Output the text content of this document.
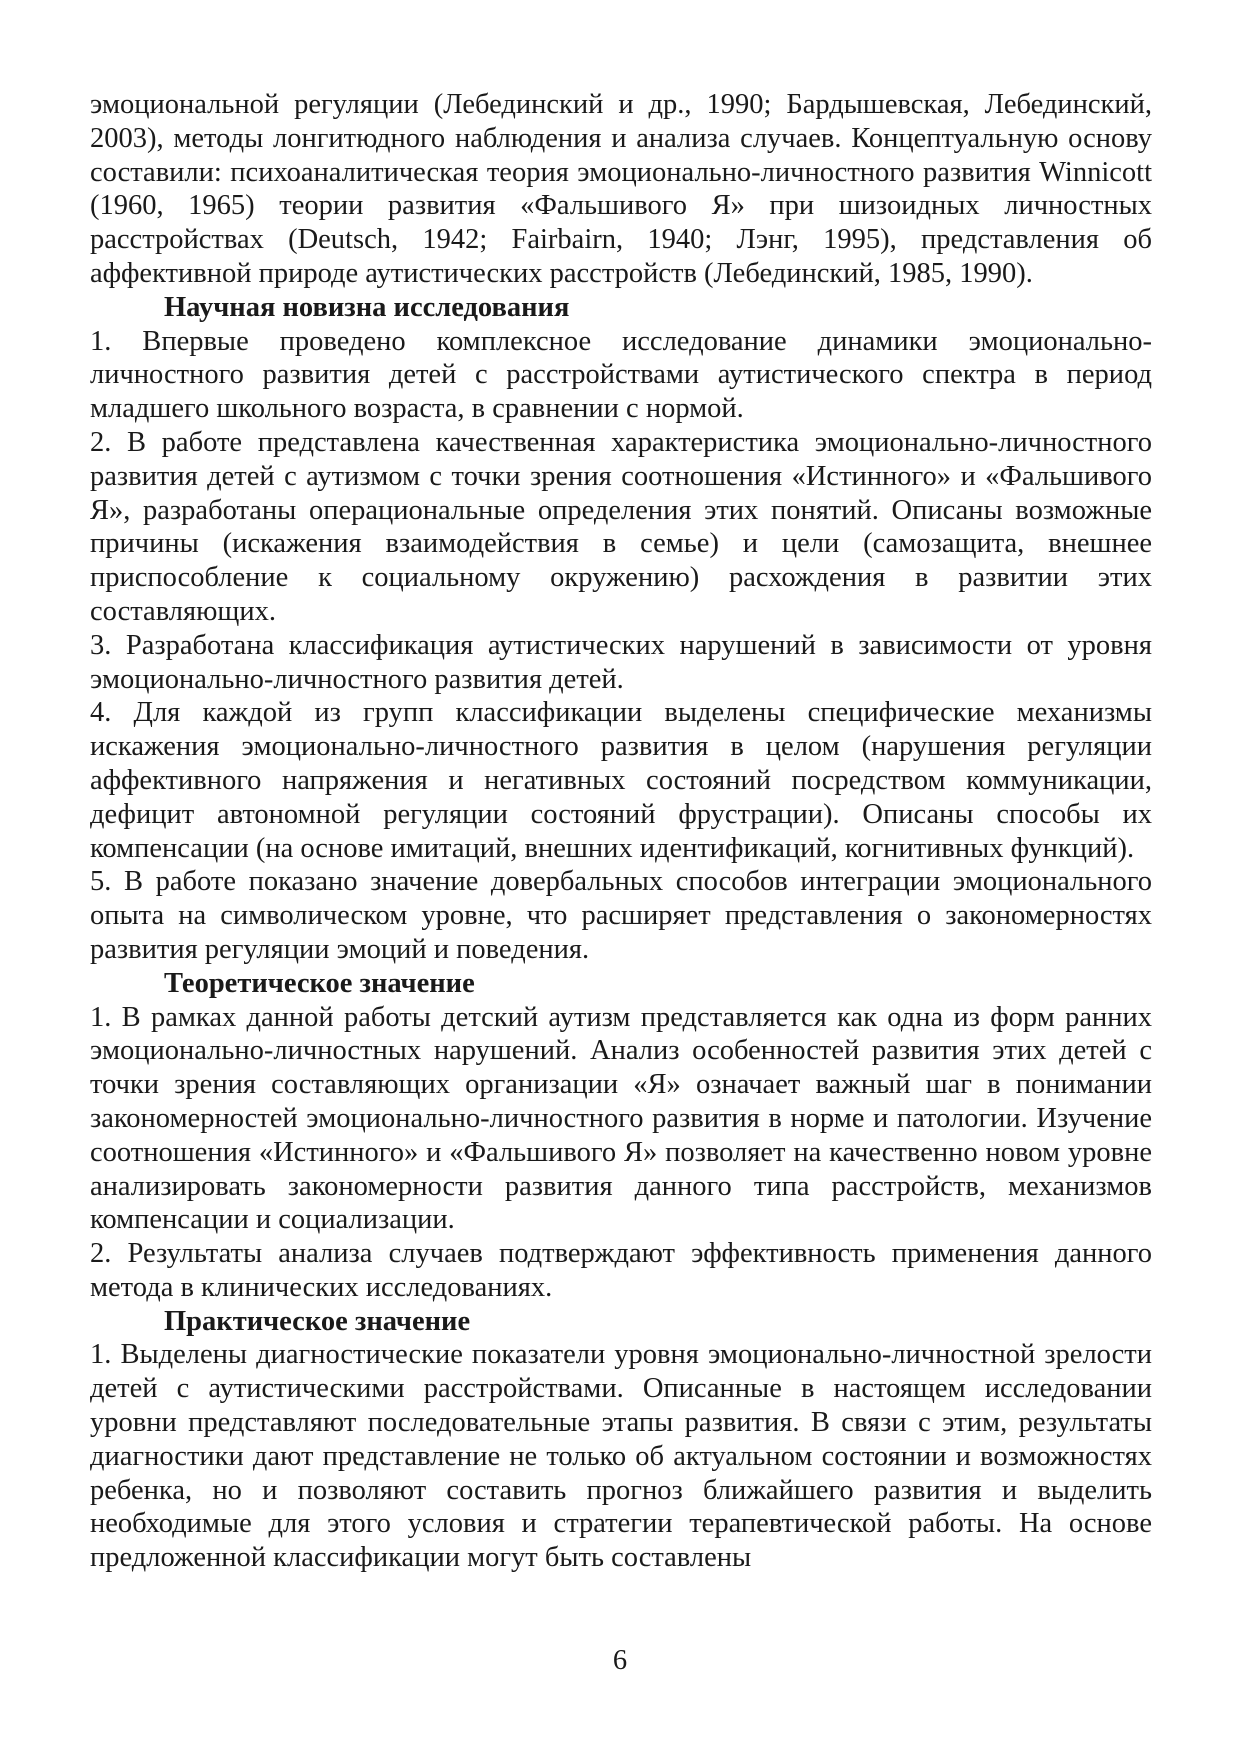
эмоциональной регуляции (Лебединский и др., 1990; Бардышевская, Лебединский, 2003), методы лонгитюдного наблюдения и анализа случаев. Концептуальную основу составили: психоаналитическая теория эмоционально-личностного развития Winnicott (1960, 1965) теории развития «Фальшивого Я» при шизоидных личностных расстройствах (Deutsch, 1942; Fairbairn, 1940; Лэнг, 1995), представления об аффективной природе аутистических расстройств (Лебединский, 1985, 1990).

Научная новизна исследования

1. Впервые проведено комплексное исследование динамики эмоционально-личностного развития детей с расстройствами аутистического спектра в период младшего школьного возраста, в сравнении с нормой.

2. В работе представлена качественная характеристика эмоционально-личностного развития детей с аутизмом с точки зрения соотношения «Истинного» и «Фальшивого Я», разработаны операциональные определения этих понятий. Описаны возможные причины (искажения взаимодействия в семье) и цели (самозащита, внешнее приспособление к социальному окружению) расхождения в развитии этих составляющих.

3. Разработана классификация аутистических нарушений в зависимости от уровня эмоционально-личностного развития детей.

4. Для каждой из групп классификации выделены специфические механизмы искажения эмоционально-личностного развития в целом (нарушения регуляции аффективного напряжения и негативных состояний посредством коммуникации, дефицит автономной регуляции состояний фрустрации). Описаны способы их компенсации (на основе имитаций, внешних идентификаций, когнитивных функций).

5. В работе показано значение довербальных способов интеграции эмоционального опыта на символическом уровне, что расширяет представления о закономерностях развития регуляции эмоций и поведения.

Теоретическое значение

1. В рамках данной работы детский аутизм представляется как одна из форм ранних эмоционально-личностных нарушений. Анализ особенностей развития этих детей с точки зрения составляющих организации «Я» означает важный шаг в понимании закономерностей эмоционально-личностного развития в норме и патологии. Изучение соотношения «Истинного» и «Фальшивого Я» позволяет на качественно новом уровне анализировать закономерности развития данного типа расстройств, механизмов компенсации и социализации.

2. Результаты анализа случаев подтверждают эффективность применения данного метода в клинических исследованиях.

Практическое значение

1. Выделены диагностические показатели уровня эмоционально-личностной зрелости детей с аутистическими расстройствами. Описанные в настоящем исследовании уровни представляют последовательные этапы развития. В связи с этим, результаты диагностики дают представление не только об актуальном состоянии и возможностях ребенка, но и позволяют составить прогноз ближайшего развития и выделить необходимые для этого условия и стратегии терапевтической работы. На основе предложенной классификации могут быть составлены

6
